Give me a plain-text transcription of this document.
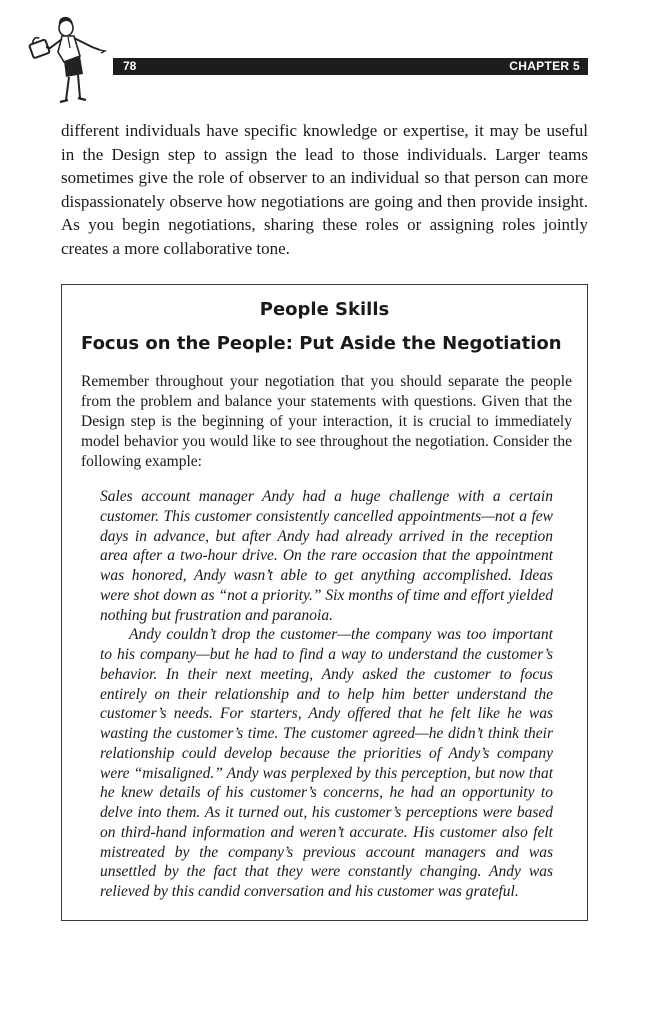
78	CHAPTER 5

different individuals have specific knowledge or expertise, it may be useful in the Design step to assign the lead to those individuals. Larger teams sometimes give the role of observer to an individual so that person can more dispassionately observe how negotiations are going and then provide insight. As you begin negotiations, sharing these roles or assigning roles jointly creates a more collaborative tone.

People Skills
Focus on the People: Put Aside the Negotiation

Remember throughout your negotiation that you should separate the people from the problem and balance your statements with questions. Given that the Design step is the beginning of your interaction, it is crucial to immediately model behavior you would like to see throughout the negotiation. Consider the following example:

Sales account manager Andy had a huge challenge with a certain customer. This customer consistently cancelled appointments—not a few days in advance, but after Andy had already arrived in the reception area after a two-hour drive. On the rare occasion that the appointment was honored, Andy wasn’t able to get anything accomplished. Ideas were shot down as “not a priority.” Six months of time and effort yielded nothing but frustration and paranoia.

Andy couldn’t drop the customer—the company was too important to his company—but he had to find a way to understand the customer’s behavior. In their next meeting, Andy asked the customer to focus entirely on their relationship and to help him better understand the customer’s needs. For starters, Andy offered that he felt like he was wasting the customer’s time. The customer agreed—he didn’t think their relationship could develop because the priorities of Andy’s company were “misaligned.” Andy was perplexed by this perception, but now that he knew details of his customer’s concerns, he had an opportunity to delve into them. As it turned out, his customer’s perceptions were based on third-hand information and weren’t accurate. His customer also felt mistreated by the company’s previous account managers and was unsettled by the fact that they were constantly changing. Andy was relieved by this candid conversation and his customer was grateful.
